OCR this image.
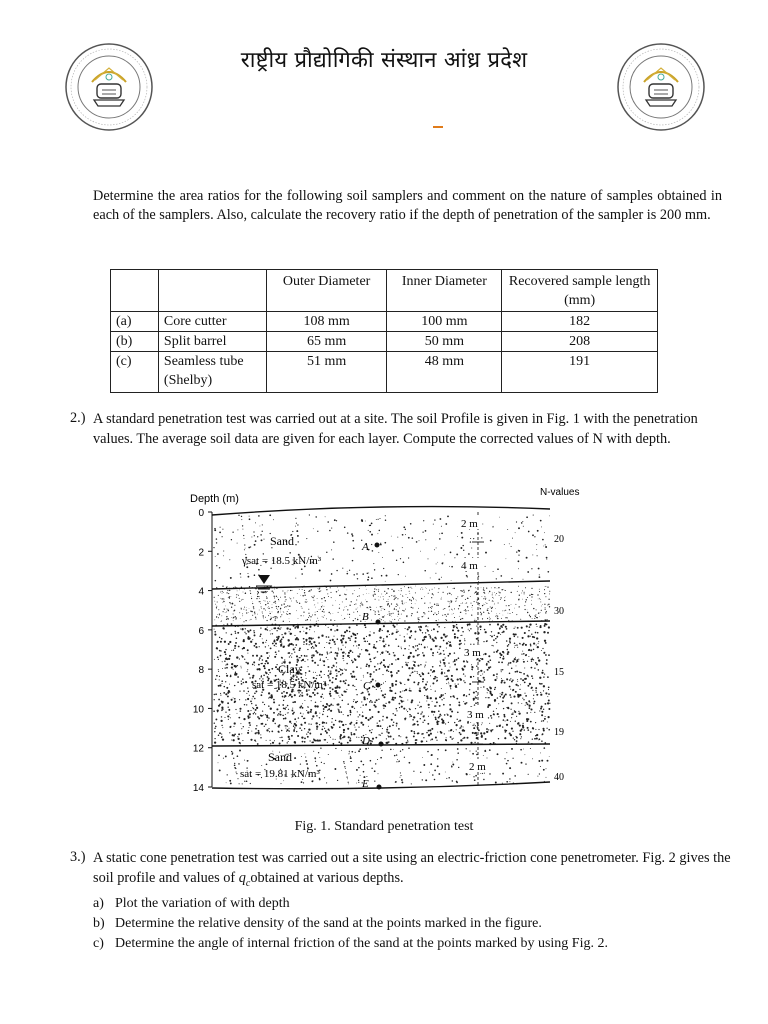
राष्ट्रीय प्रौद्योगिकी संस्थान आंध्र प्रदेश
Determine the area ratios for the following soil samplers and comment on the nature of samples obtained in each of the samplers. Also, calculate the recovery ratio if the depth of penetration of the sampler is 200 mm.
		Outer Diameter	Inner Diameter	Recovered sample length (mm)
(a)	Core cutter	108 mm	100 mm	182
(b)	Split barrel	65 mm	50 mm	208
(c)	Seamless tube (Shelby)	51 mm	48 mm	191
2.) A standard penetration test was carried out at a site. The soil Profile is given in Fig. 1 with the penetration values. The average soil data are given for each layer. Compute the corrected values of N with depth.
Depth (m)
0
2
4
6
8
10
12
14
N-values
20
30
15
19
40
Sand
γsat = 18.5 kN/m³
Clay
sat = 18.5 kN/m³
Sand
sat = 19.81 kN/m³
A
B
C
D
E
2 m
4 m
3 m
3 m
2 m
Fig. 1. Standard penetration test
3.) A static cone penetration test was carried out a site using an electric-friction cone penetrometer. Fig. 2 gives the soil profile and values of $q_cobtained$ at various depths.
a) Plot the variation of with depth
b) Determine the relative density of the sand at the points marked in the figure.
c) Determine the angle of internal friction of the sand at the points marked by using Fig. 2.
